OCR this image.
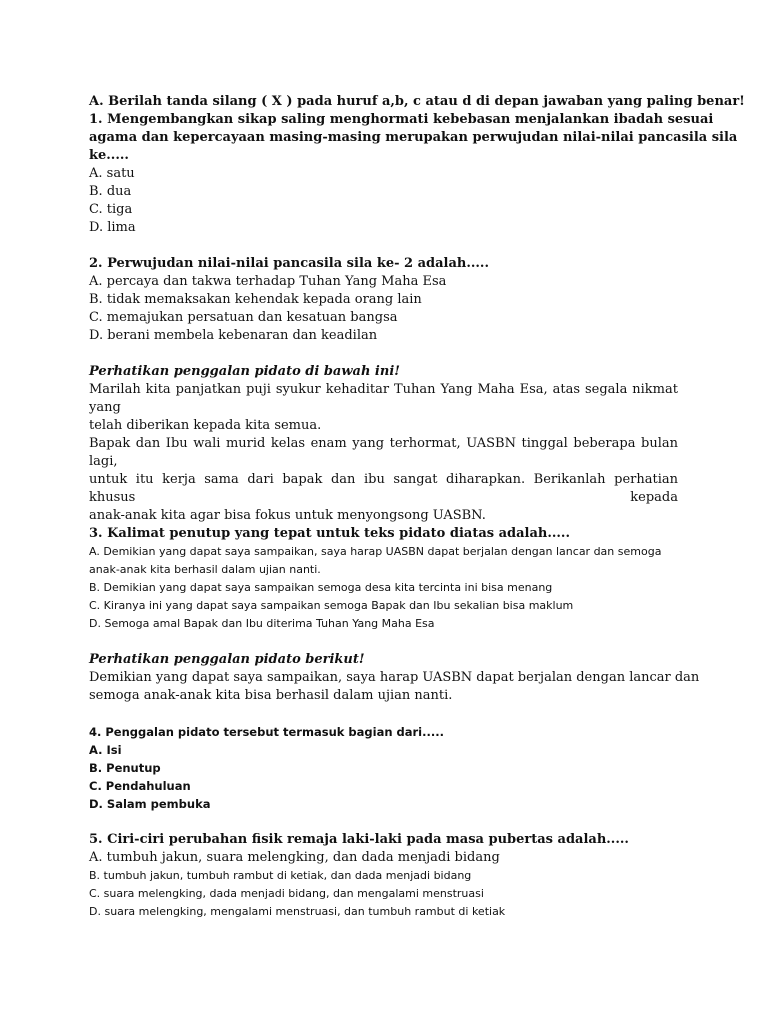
A. Berilah tanda silang ( X ) pada huruf a,b, c atau d di depan jawaban yang paling benar!

1. Mengembangkan sikap saling menghormati kebebasan menjalankan ibadah sesuai

agama dan kepercayaan masing-masing merupakan perwujudan nilai-nilai pancasila sila

ke.....

A. satu

B. dua

C. tiga

D. lima

2. Perwujudan nilai-nilai pancasila sila ke- 2 adalah.....

A. percaya dan takwa terhadap Tuhan Yang Maha Esa

B. tidak memaksakan kehendak kepada orang lain

C. memajukan persatuan dan kesatuan bangsa

D. berani membela kebenaran dan keadilan

Perhatikan penggalan pidato di bawah ini!

Marilah kita panjatkan puji syukur kehaditar Tuhan Yang Maha Esa, atas segala nikmat yang

telah diberikan kepada kita semua.

Bapak dan Ibu wali murid kelas enam yang terhormat, UASBN tinggal beberapa bulan lagi,

untuk itu kerja sama dari bapak dan ibu sangat diharapkan. Berikanlah perhatian khusus kepada

anak-anak kita agar bisa fokus untuk menyongsong UASBN.

3. Kalimat penutup yang tepat untuk teks pidato diatas adalah.....

A. Demikian yang dapat saya sampaikan, saya harap UASBN dapat berjalan dengan lancar dan semoga

anak-anak kita berhasil dalam ujian nanti.

B. Demikian yang dapat saya sampaikan semoga desa kita tercinta ini bisa menang

C. Kiranya ini yang dapat saya sampaikan semoga Bapak dan Ibu sekalian bisa maklum

D. Semoga amal Bapak dan Ibu diterima Tuhan Yang Maha Esa

Perhatikan penggalan pidato berikut!

Demikian yang dapat saya sampaikan, saya harap UASBN dapat berjalan dengan lancar dan

semoga anak-anak kita bisa berhasil dalam ujian nanti.

4. Penggalan pidato tersebut termasuk bagian dari.....

A. Isi

B. Penutup

C. Pendahuluan

D. Salam pembuka

5. Ciri-ciri perubahan fisik remaja laki-laki pada masa pubertas adalah.....

A. tumbuh jakun, suara melengking, dan dada menjadi bidang

B. tumbuh jakun, tumbuh rambut di ketiak, dan dada menjadi bidang

C. suara melengking, dada menjadi bidang, dan mengalami menstruasi

D. suara melengking, mengalami menstruasi, dan tumbuh rambut di ketiak
